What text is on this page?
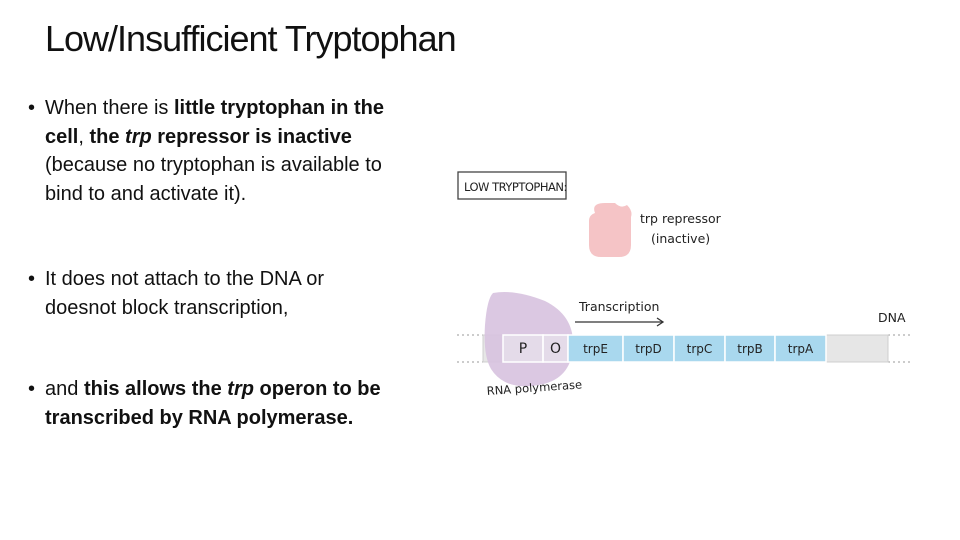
Low/Insufficient Tryptophan
• When there is little tryptophan in the cell, the trp repressor is inactive (because no tryptophan is available to bind to and activate it).
• It does not attach to the DNA or doesnot block transcription,
• and this allows the trp operon to be transcribed by RNA polymerase.
LOW TRYPTOPHAN:
trp repressor
(inactive)
Transcription
DNA
P O trpE trpD trpC trpB trpA
RNA polymerase
